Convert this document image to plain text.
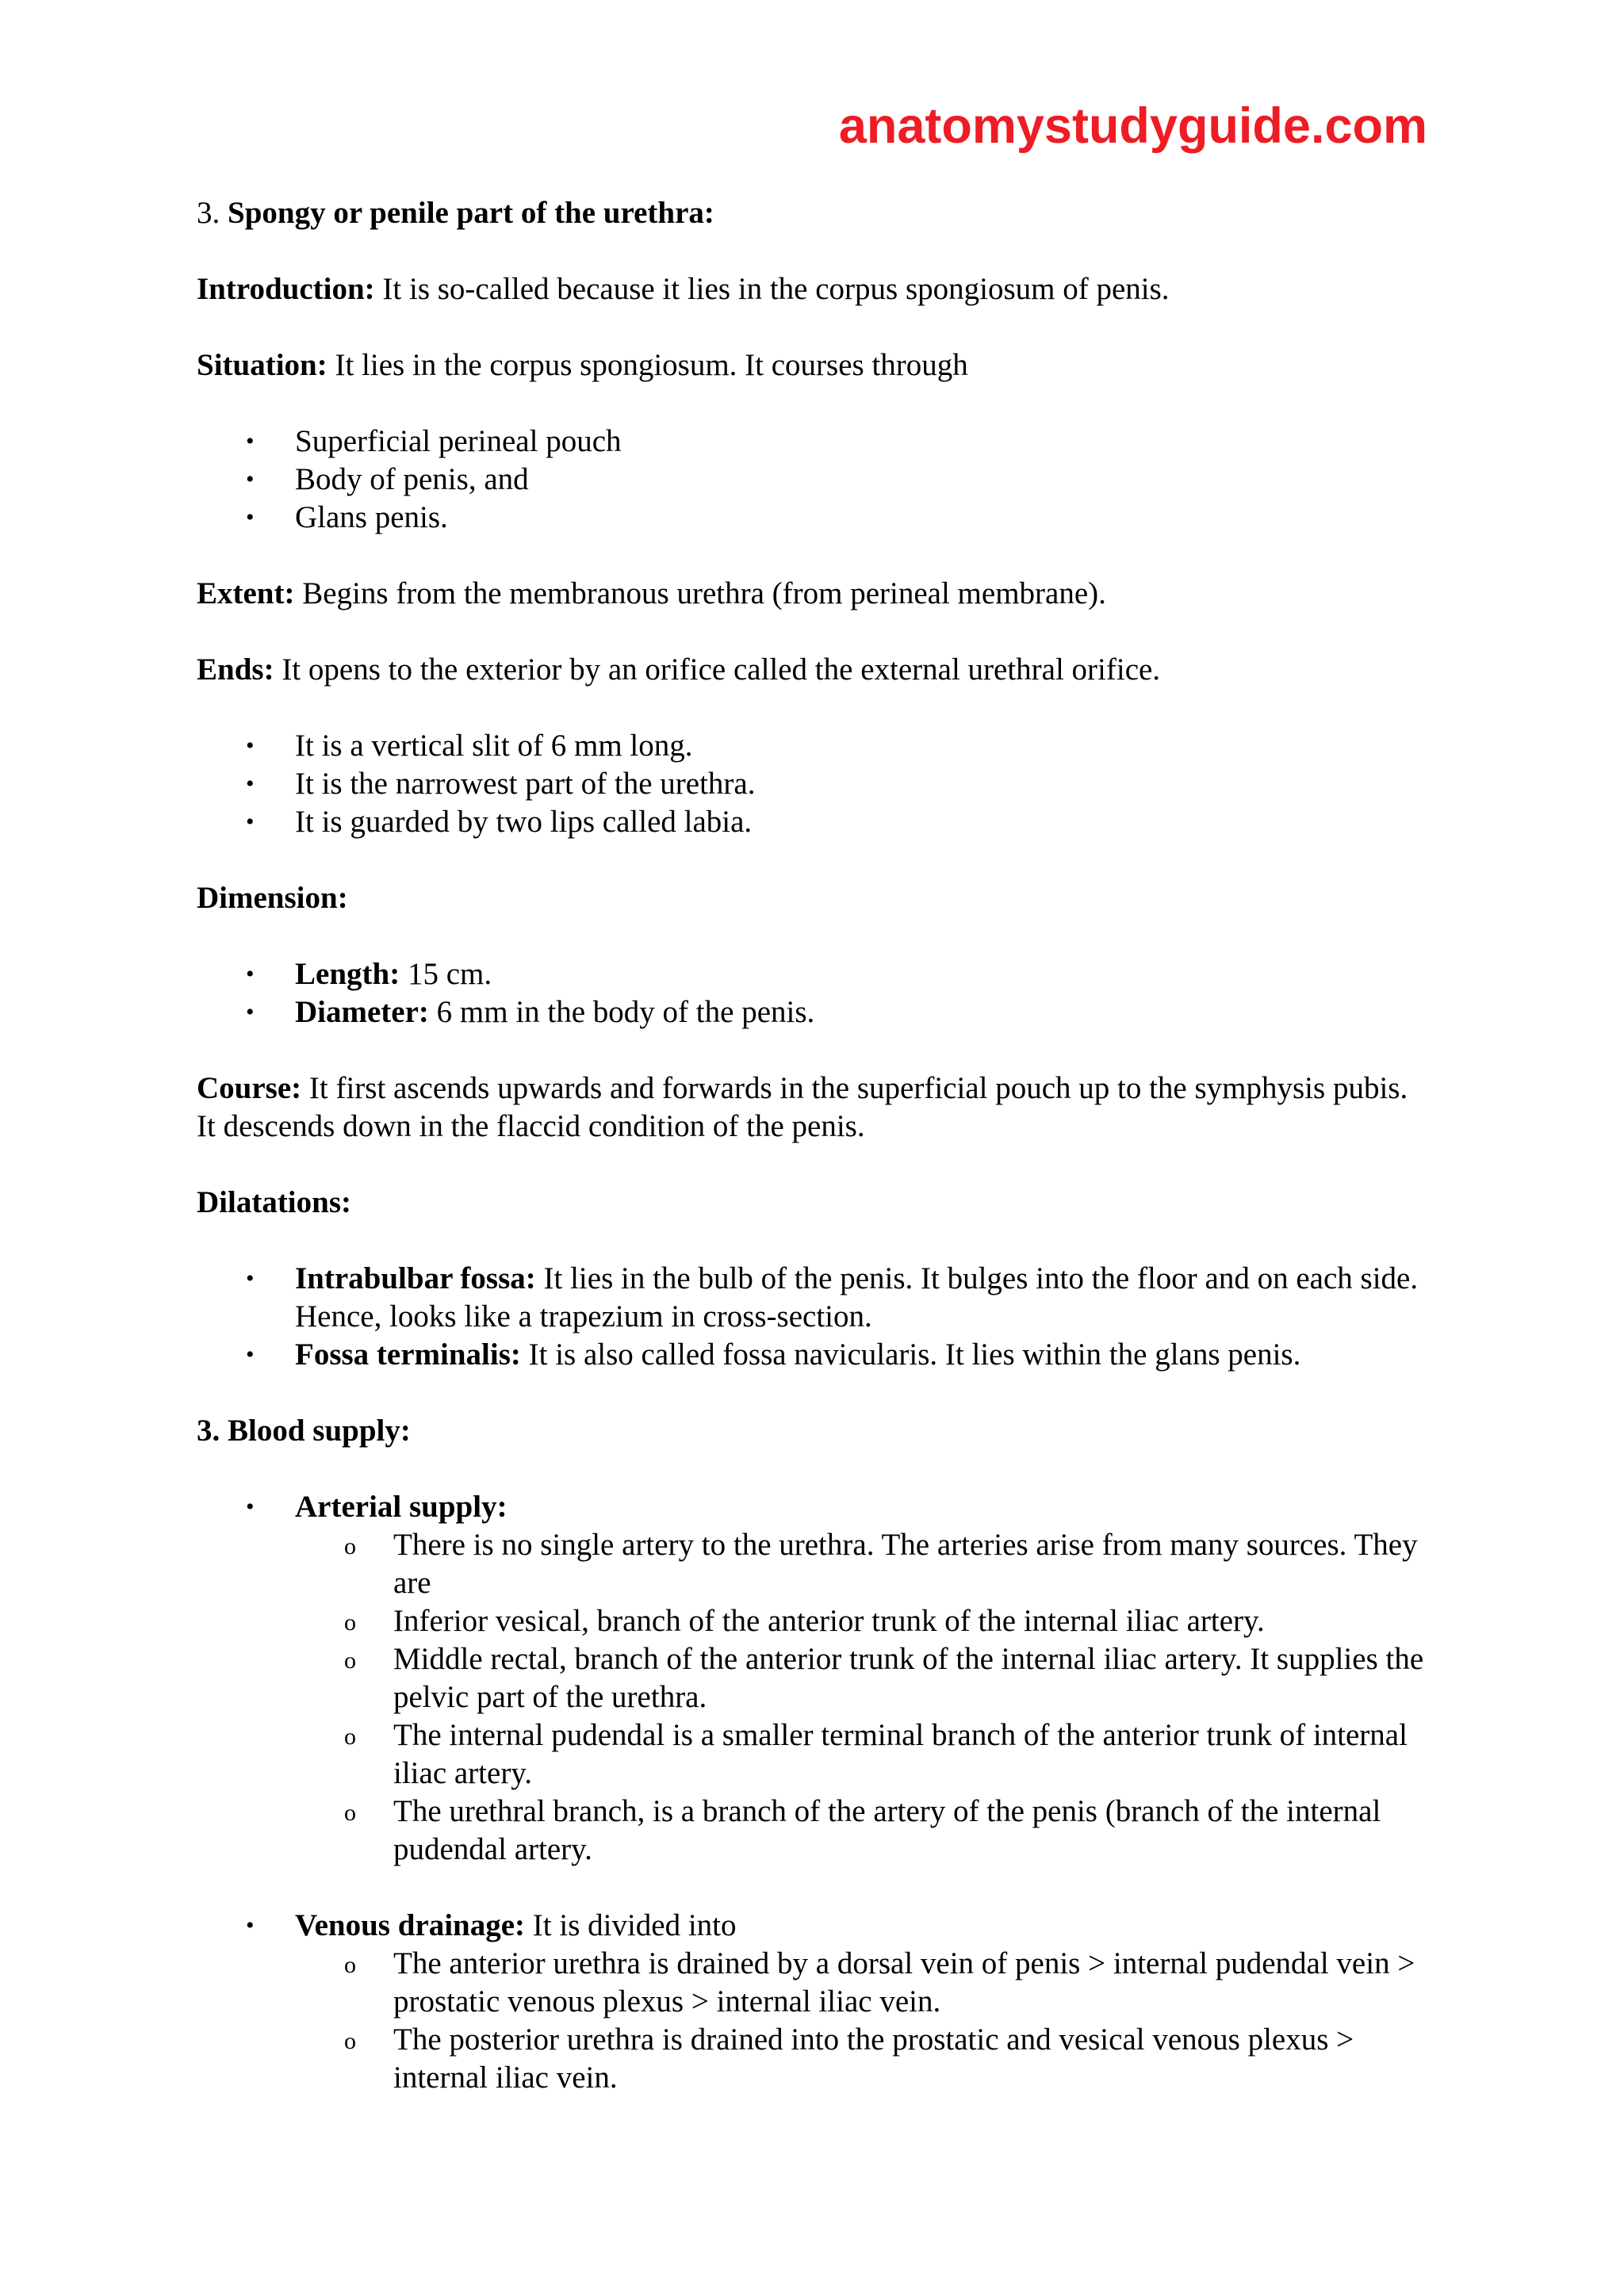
anatomystudyguide.com

3. Spongy or penile part of the urethra:

Introduction: It is so-called because it lies in the corpus spongiosum of penis.

Situation: It lies in the corpus spongiosum. It courses through

• Superficial perineal pouch
• Body of penis, and
• Glans penis.

Extent: Begins from the membranous urethra (from perineal membrane).

Ends: It opens to the exterior by an orifice called the external urethral orifice.

• It is a vertical slit of 6 mm long.
• It is the narrowest part of the urethra.
• It is guarded by two lips called labia.

Dimension:

• Length: 15 cm.
• Diameter: 6 mm in the body of the penis.

Course: It first ascends upwards and forwards in the superficial pouch up to the symphysis pubis. It descends down in the flaccid condition of the penis.

Dilatations:

• Intrabulbar fossa: It lies in the bulb of the penis. It bulges into the floor and on each side. Hence, looks like a trapezium in cross-section.
• Fossa terminalis: It is also called fossa navicularis. It lies within the glans penis.

3. Blood supply:

• Arterial supply:
o There is no single artery to the urethra. The arteries arise from many sources. They are
o Inferior vesical, branch of the anterior trunk of the internal iliac artery.
o Middle rectal, branch of the anterior trunk of the internal iliac artery. It supplies the pelvic part of the urethra.
o The internal pudendal is a smaller terminal branch of the anterior trunk of internal iliac artery.
o The urethral branch, is a branch of the artery of the penis (branch of the internal pudendal artery.
• Venous drainage: It is divided into
o The anterior urethra is drained by a dorsal vein of penis > internal pudendal vein > prostatic venous plexus > internal iliac vein.
o The posterior urethra is drained into the prostatic and vesical venous plexus > internal iliac vein.
